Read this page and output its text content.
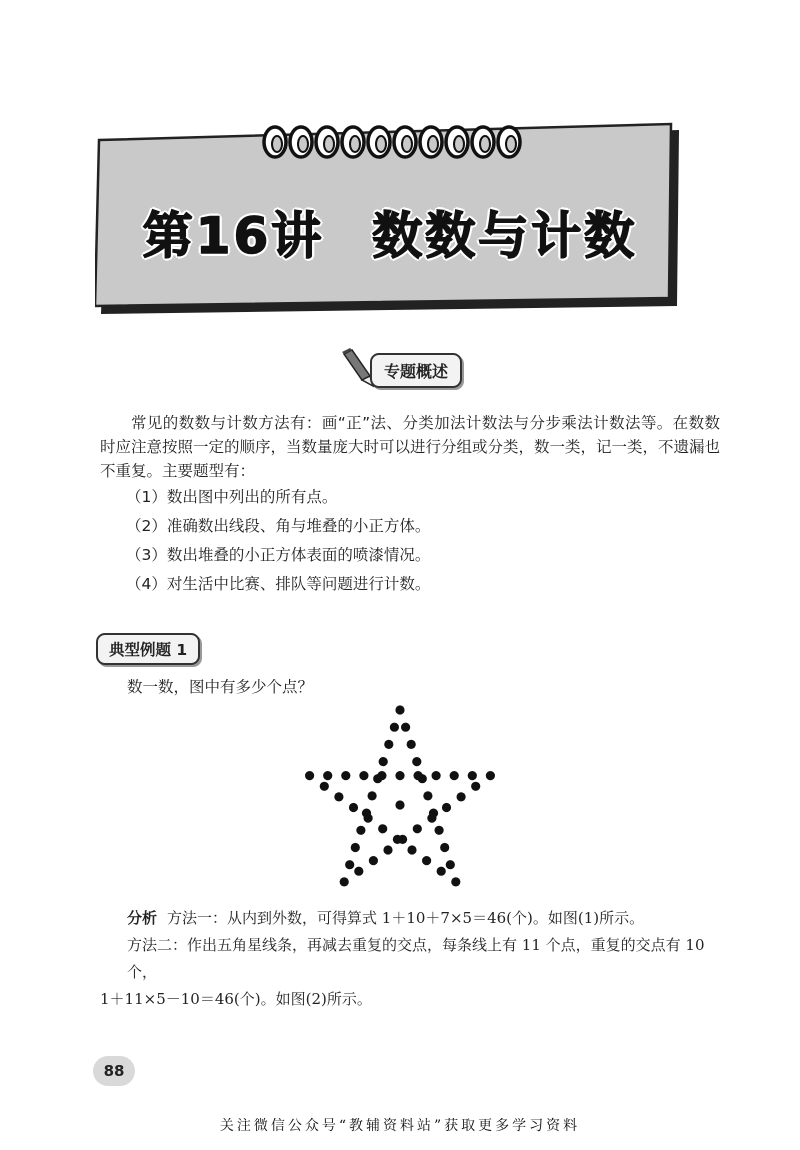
第16讲 数数与计数
专题概述

常见的数数与计数方法有：画“正”法、分类加法计数法与分步乘法计数法等。在数数时应注意按照一定的顺序，当数量庞大时可以进行分组或分类，数一类，记一类，不遗漏也不重复。主要题型有：

（1）数出图中列出的所有点。
（2）准确数出线段、角与堆叠的小正方体。
（3）数出堆叠的小正方体表面的喷漆情况。
（4）对生活中比赛、排队等问题进行计数。
典型例题 1
数一数，图中有多少个点？

分析 方法一：从内到外数，可得算式 1＋10＋7×5＝46(个)。如图(1)所示。

方法二：作出五角星线条，再减去重复的交点，每条线上有 11 个点，重复的交点有 10 个，

1＋11×5－10＝46(个)。如图(2)所示。

88
关注微信公众号“教辅资料站”获取更多学习资料
